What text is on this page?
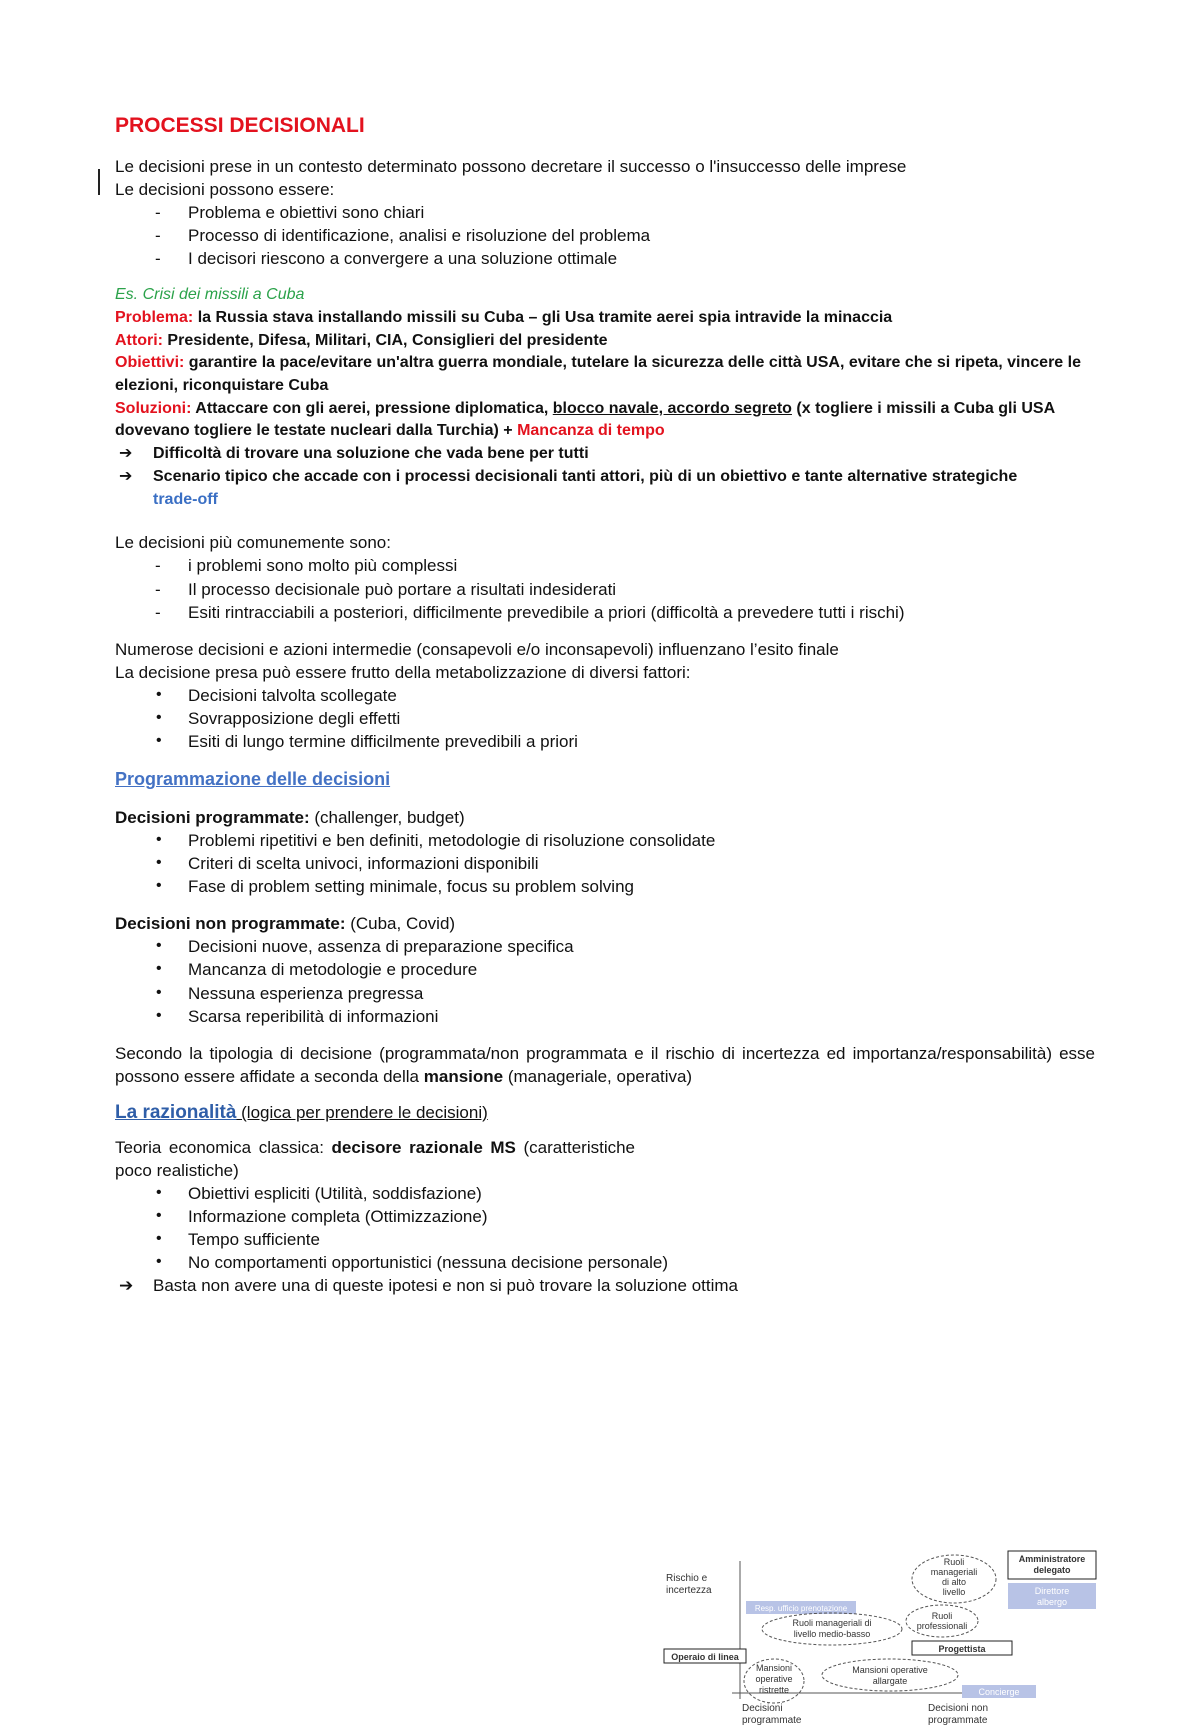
PROCESSI DECISIONALI

Le decisioni prese in un contesto determinato possono decretare il successo o l'insuccesso delle imprese

Le decisioni possono essere:

- Problema e obiettivi sono chiari
- Processo di identificazione, analisi e risoluzione del problema
- I decisori riescono a convergere a una soluzione ottimale

Es. Crisi dei missili a Cuba

Problema: la Russia stava installando missili su Cuba – gli Usa tramite aerei spia intravide la minaccia

Attori: Presidente, Difesa, Militari, CIA, Consiglieri del presidente

Obiettivi: garantire la pace/evitare un'altra guerra mondiale, tutelare la sicurezza delle città USA, evitare che si ripeta, vincere le elezioni, riconquistare Cuba

Soluzioni: Attaccare con gli aerei, pressione diplomatica, blocco navale, accordo segreto (x togliere i missili a Cuba gli USA dovevano togliere le testate nucleari dalla Turchia) + Mancanza di tempo

➔ Difficoltà di trovare una soluzione che vada bene per tutti

➔ Scenario tipico che accade con i processi decisionali tanti attori, più di un obiettivo e tante alternative strategiche
trade-off

Le decisioni più comunemente sono:

- i problemi sono molto più complessi
- Il processo decisionale può portare a risultati indesiderati
- Esiti rintracciabili a posteriori, difficilmente prevedibile a priori (difficoltà a prevedere tutti i rischi)

Numerose decisioni e azioni intermedie (consapevoli e/o inconsapevoli) influenzano l’esito finale

La decisione presa può essere frutto della metabolizzazione di diversi fattori:

• Decisioni talvolta scollegate
• Sovrapposizione degli effetti
• Esiti di lungo termine difficilmente prevedibili a priori

Programmazione delle decisioni

Decisioni programmate: (challenger, budget)

• Problemi ripetitivi e ben definiti, metodologie di risoluzione consolidate
• Criteri di scelta univoci, informazioni disponibili
• Fase di problem setting minimale, focus su problem solving

Decisioni non programmate: (Cuba, Covid)

• Decisioni nuove, assenza di preparazione specifica
• Mancanza di metodologie e procedure
• Nessuna esperienza pregressa
• Scarsa reperibilità di informazioni

Secondo la tipologia di decisione (programmata/non programmata e il rischio di incertezza ed importanza/responsabilità) esse possono essere affidate a seconda della mansione (manageriale, operativa)

La razionalità (logica per prendere le decisioni)

Teoria economica classica: decisore razionale MS (caratteristiche poco realistiche)

• Obiettivi espliciti (Utilità, soddisfazione)
• Informazione completa (Ottimizzazione)
• Tempo sufficiente
• No comportamenti opportunistici (nessuna decisione personale)

➔ Basta non avere una di queste ipotesi e non si può trovare la soluzione ottima

Rischio e
incertezza
Decisioni
programmate
Decisioni non
programmate
Amministratore
delegato
Direttore
albergo
Ruoli
manageriali
di alto
livello
Resp. ufficio prenotazione
Ruoli manageriali di
livello medio-basso
Ruoli
professionali
Progettista
Operaio di linea
Mansioni
operative
ristrette
Mansioni operative
allargate
Concierge
